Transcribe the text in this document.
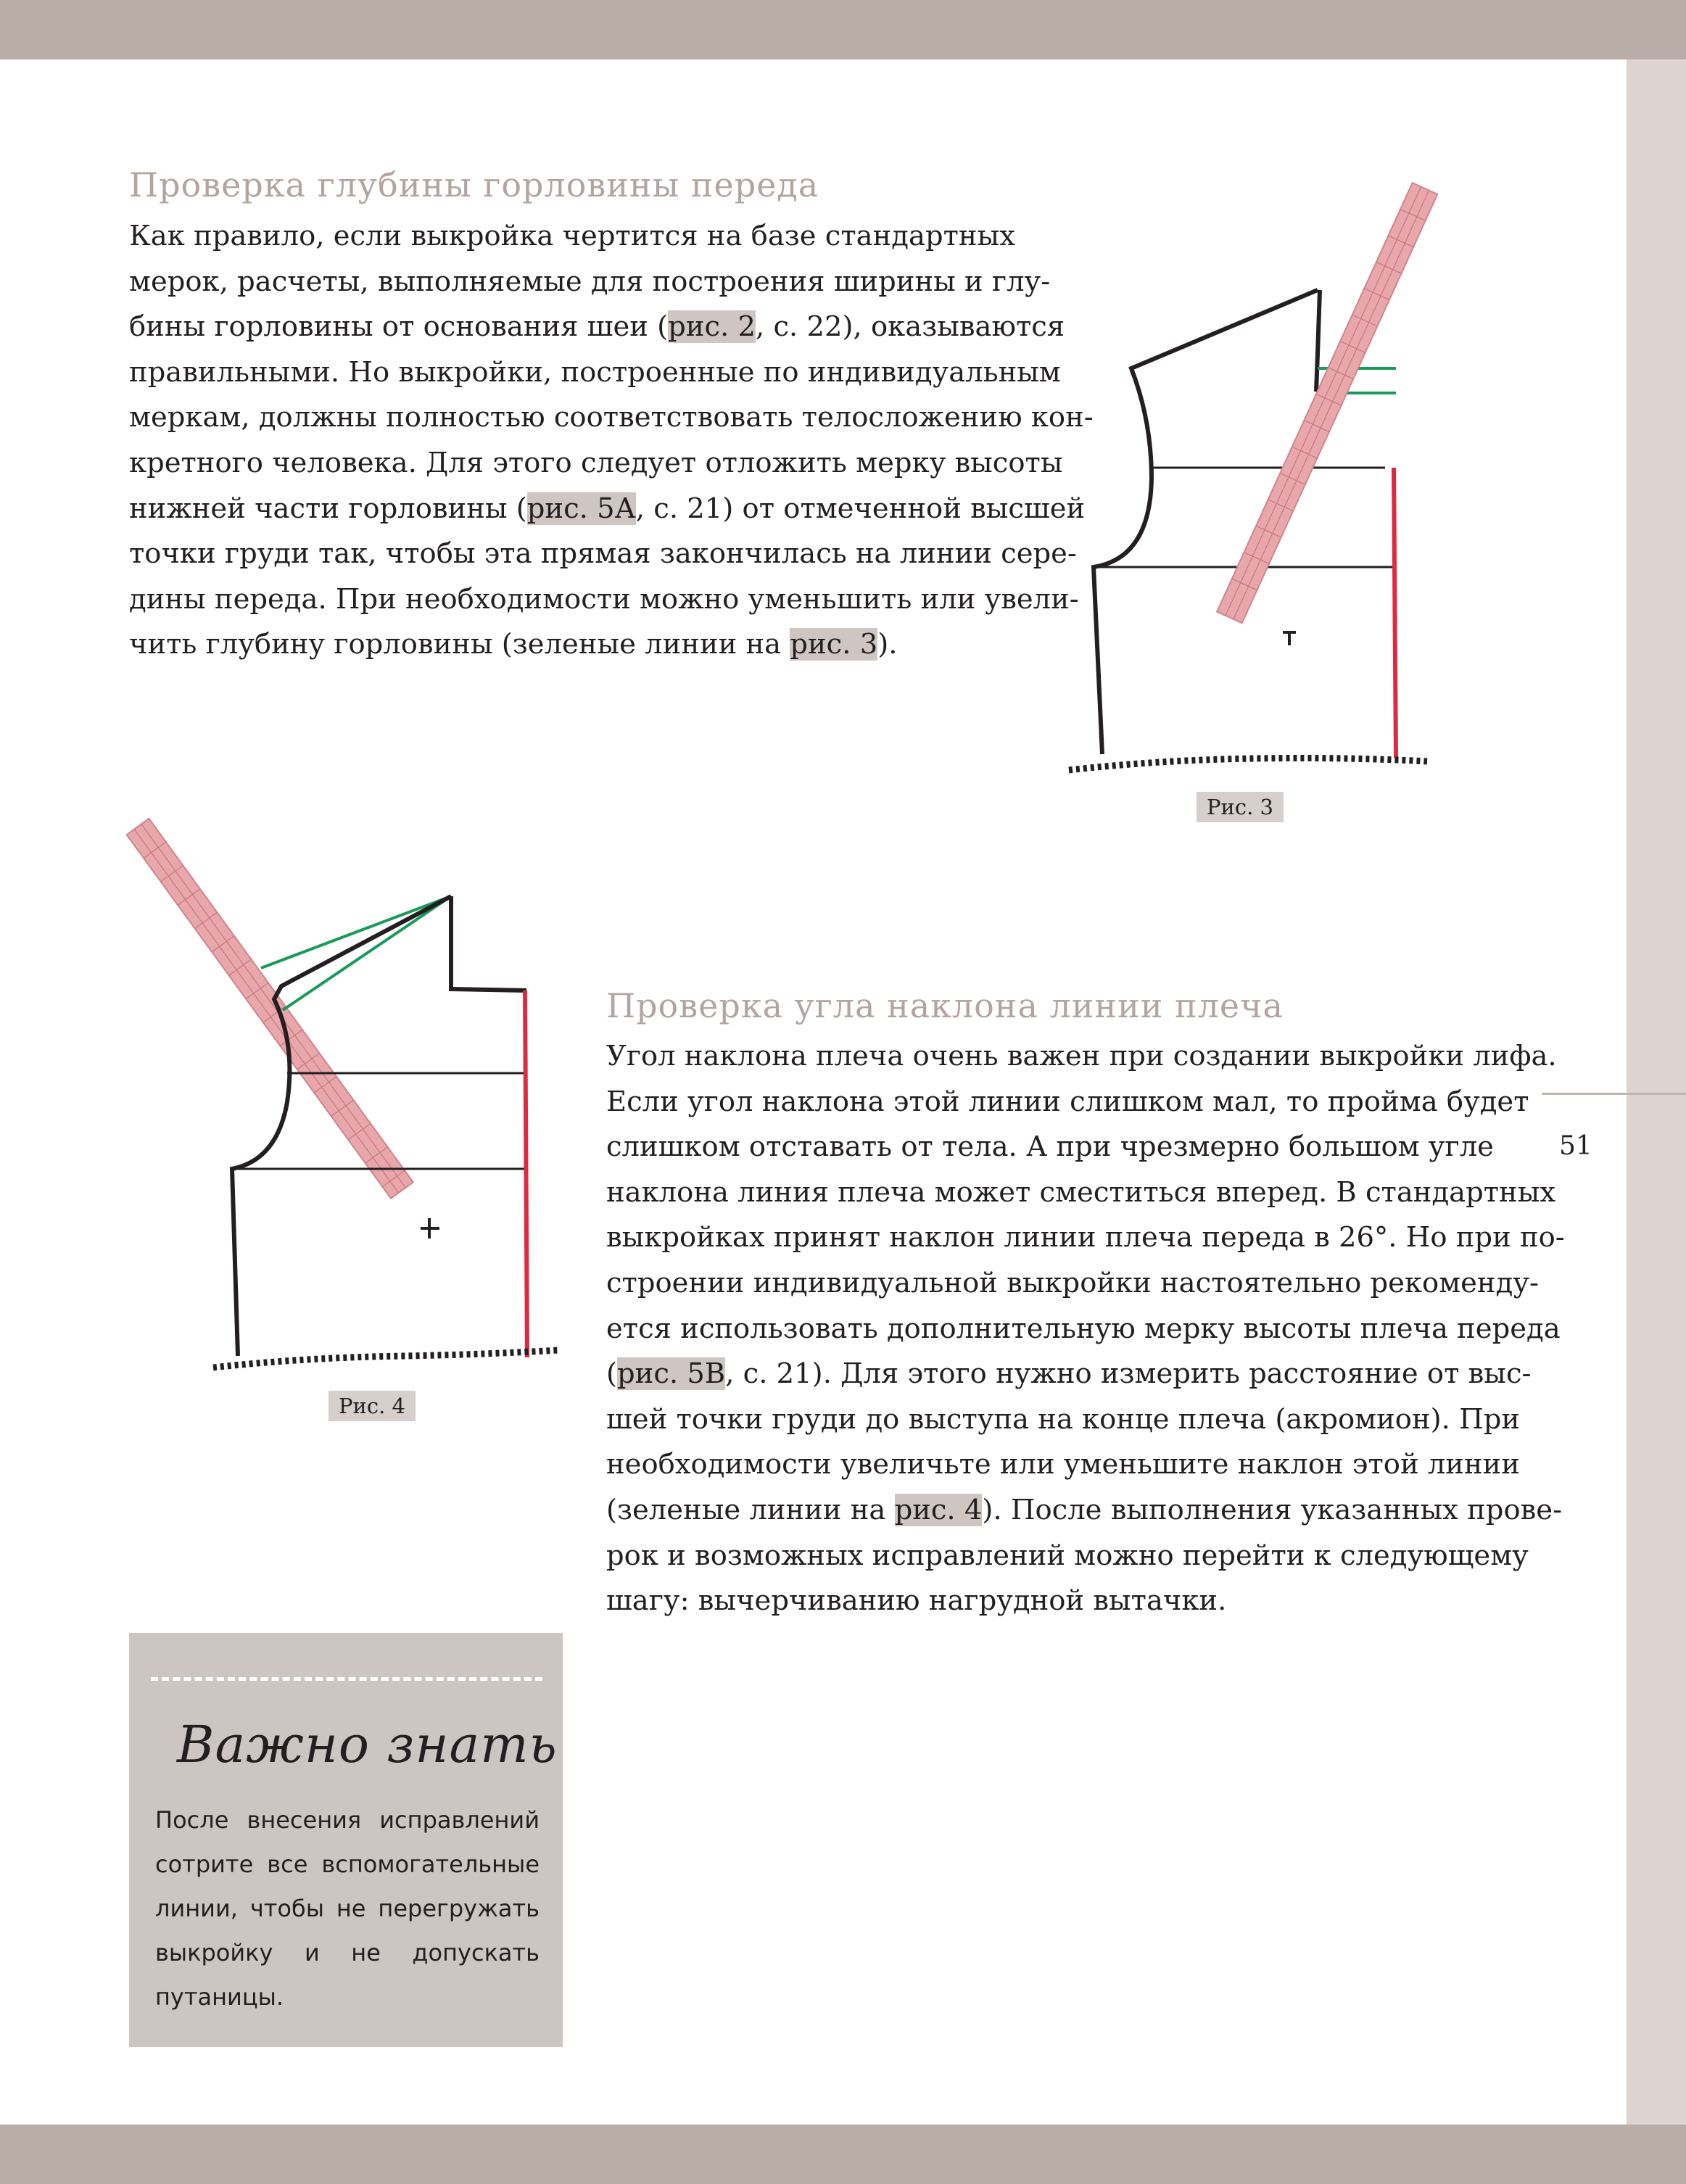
51
Проверка глубины горловины переда
Как правило, если выкройка чертится на базе стандартных
мерок, расчеты, выполняемые для построения ширины и глу-
бины горловины от основания шеи (рис. 2, с. 22), оказываются
правильными. Но выкройки, построенные по индивидуальным
меркам, должны полностью соответствовать телосложению кон-
кретного человека. Для этого следует отложить мерку высоты
нижней части горловины (рис. 5А, с. 21) от отмеченной высшей
точки груди так, чтобы эта прямая закончилась на линии сере-
дины переда. При необходимости можно уменьшить или увели-
чить глубину горловины (зеленые линии на рис. 3).
Рис. 3
Рис. 4
Проверка угла наклона линии плеча
Угол наклона плеча очень важен при создании выкройки лифа.
Если угол наклона этой линии слишком мал, то пройма будет
слишком отставать от тела. А при чрезмерно большом угле
наклона линия плеча может сместиться вперед. В стандартных
выкройках принят наклон линии плеча переда в 26°. Но при по-
строении индивидуальной выкройки настоятельно рекоменду-
ется использовать дополнительную мерку высоты плеча переда
(рис. 5В, с. 21). Для этого нужно измерить расстояние от выс-
шей точки груди до выступа на конце плеча (акромион). При
необходимости увеличьте или уменьшите наклон этой линии
(зеленые линии на рис. 4). После выполнения указанных прове-
рок и возможных исправлений можно перейти к следующему
шагу: вычерчиванию нагрудной вытачки.
Важно знать

После внесения исправлений сотрите все вспомогательные линии, чтобы не перегружать выкройку и не допускать путаницы.
